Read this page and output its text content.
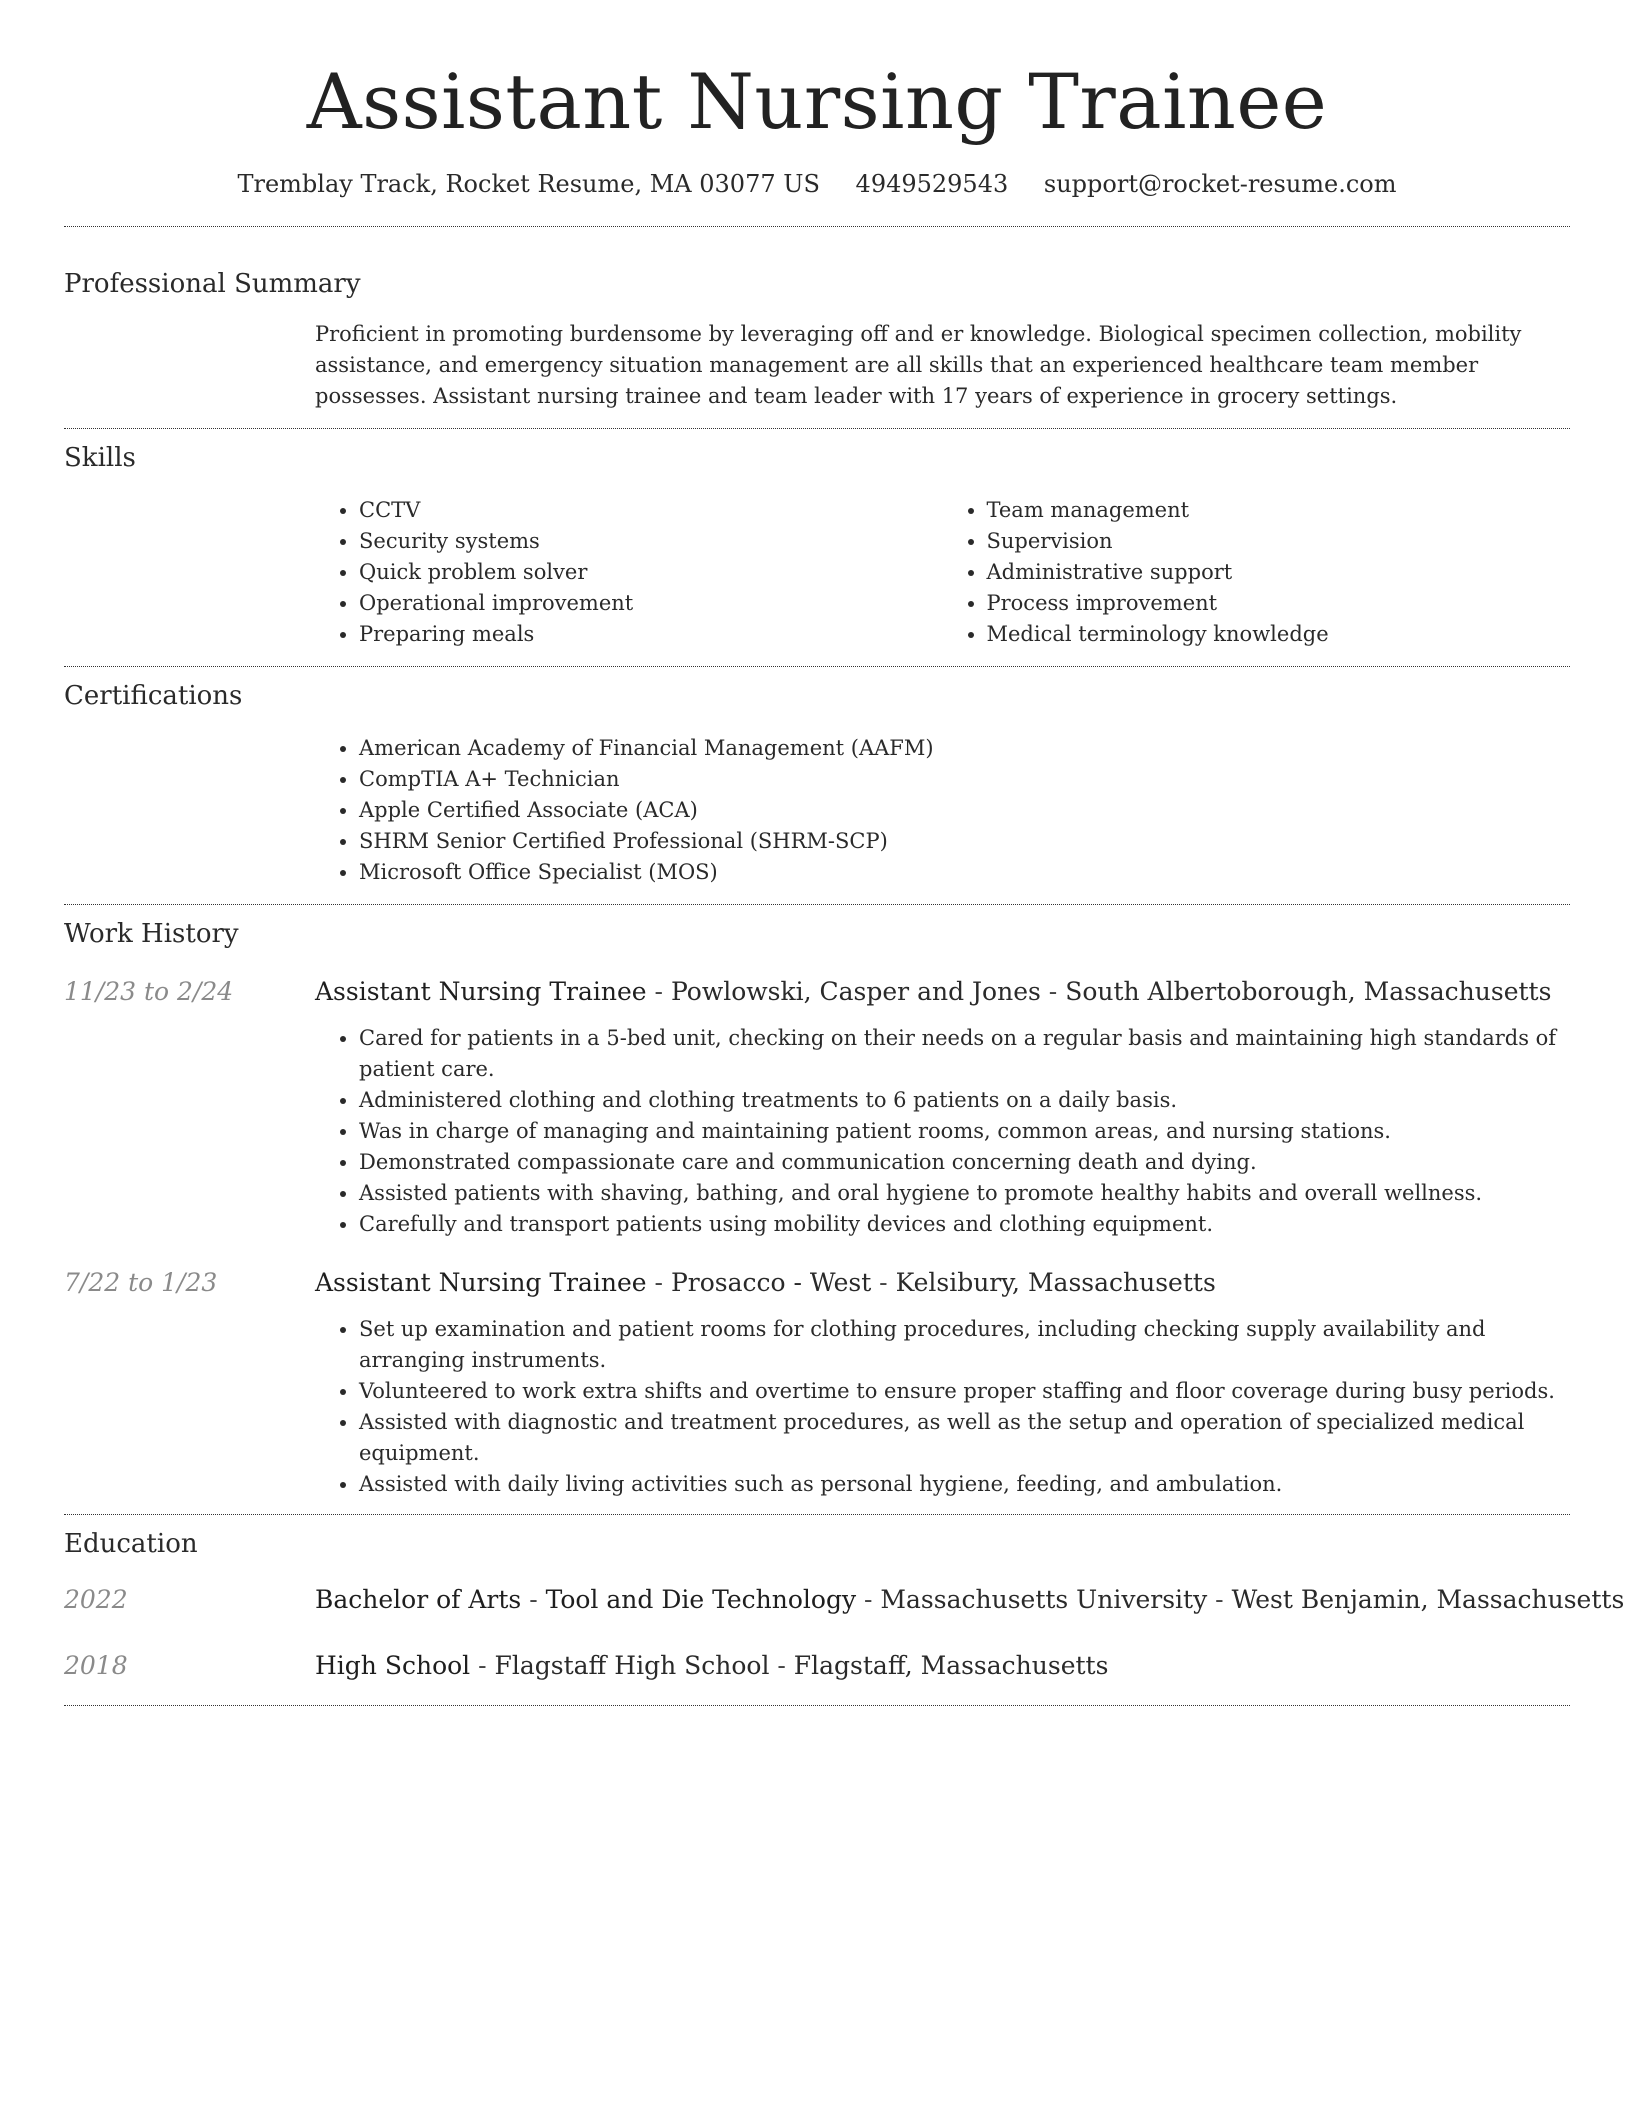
Assistant Nursing Trainee
Tremblay Track, Rocket Resume, MA 03077 US 4949529543 support@rocket-resume.com
Professional Summary

Proficient in promoting burdensome by leveraging off and er knowledge. Biological specimen collection, mobility assistance, and emergency situation management are all skills that an experienced healthcare team member possesses. Assistant nursing trainee and team leader with 17 years of experience in grocery settings.

Skills
• CCTV
• Security systems
• Quick problem solver
• Operational improvement
• Preparing meals
• Team management
• Supervision
• Administrative support
• Process improvement
• Medical terminology knowledge
Certifications
• American Academy of Financial Management (AAFM)
• CompTIA A+ Technician
• Apple Certified Associate (ACA)
• SHRM Senior Certified Professional (SHRM-SCP)
• Microsoft Office Specialist (MOS)
Work History
11/23 to 2/24	Assistant Nursing Trainee - Powlowski, Casper and Jones - South Albertoborough, Massachusetts
• Cared for patients in a 5-bed unit, checking on their needs on a regular basis and maintaining high standards of patient care.
• Administered clothing and clothing treatments to 6 patients on a daily basis.
• Was in charge of managing and maintaining patient rooms, common areas, and nursing stations.
• Demonstrated compassionate care and communication concerning death and dying.
• Assisted patients with shaving, bathing, and oral hygiene to promote healthy habits and overall wellness.
• Carefully and transport patients using mobility devices and clothing equipment.
7/22 to 1/23	Assistant Nursing Trainee - Prosacco - West - Kelsibury, Massachusetts
• Set up examination and patient rooms for clothing procedures, including checking supply availability and arranging instruments.
• Volunteered to work extra shifts and overtime to ensure proper staffing and floor coverage during busy periods.
• Assisted with diagnostic and treatment procedures, as well as the setup and operation of specialized medical equipment.
• Assisted with daily living activities such as personal hygiene, feeding, and ambulation.
Education
2022	Bachelor of Arts - Tool and Die Technology - Massachusetts University - West Benjamin, Massachusetts
2018	High School - Flagstaff High School - Flagstaff, Massachusetts
